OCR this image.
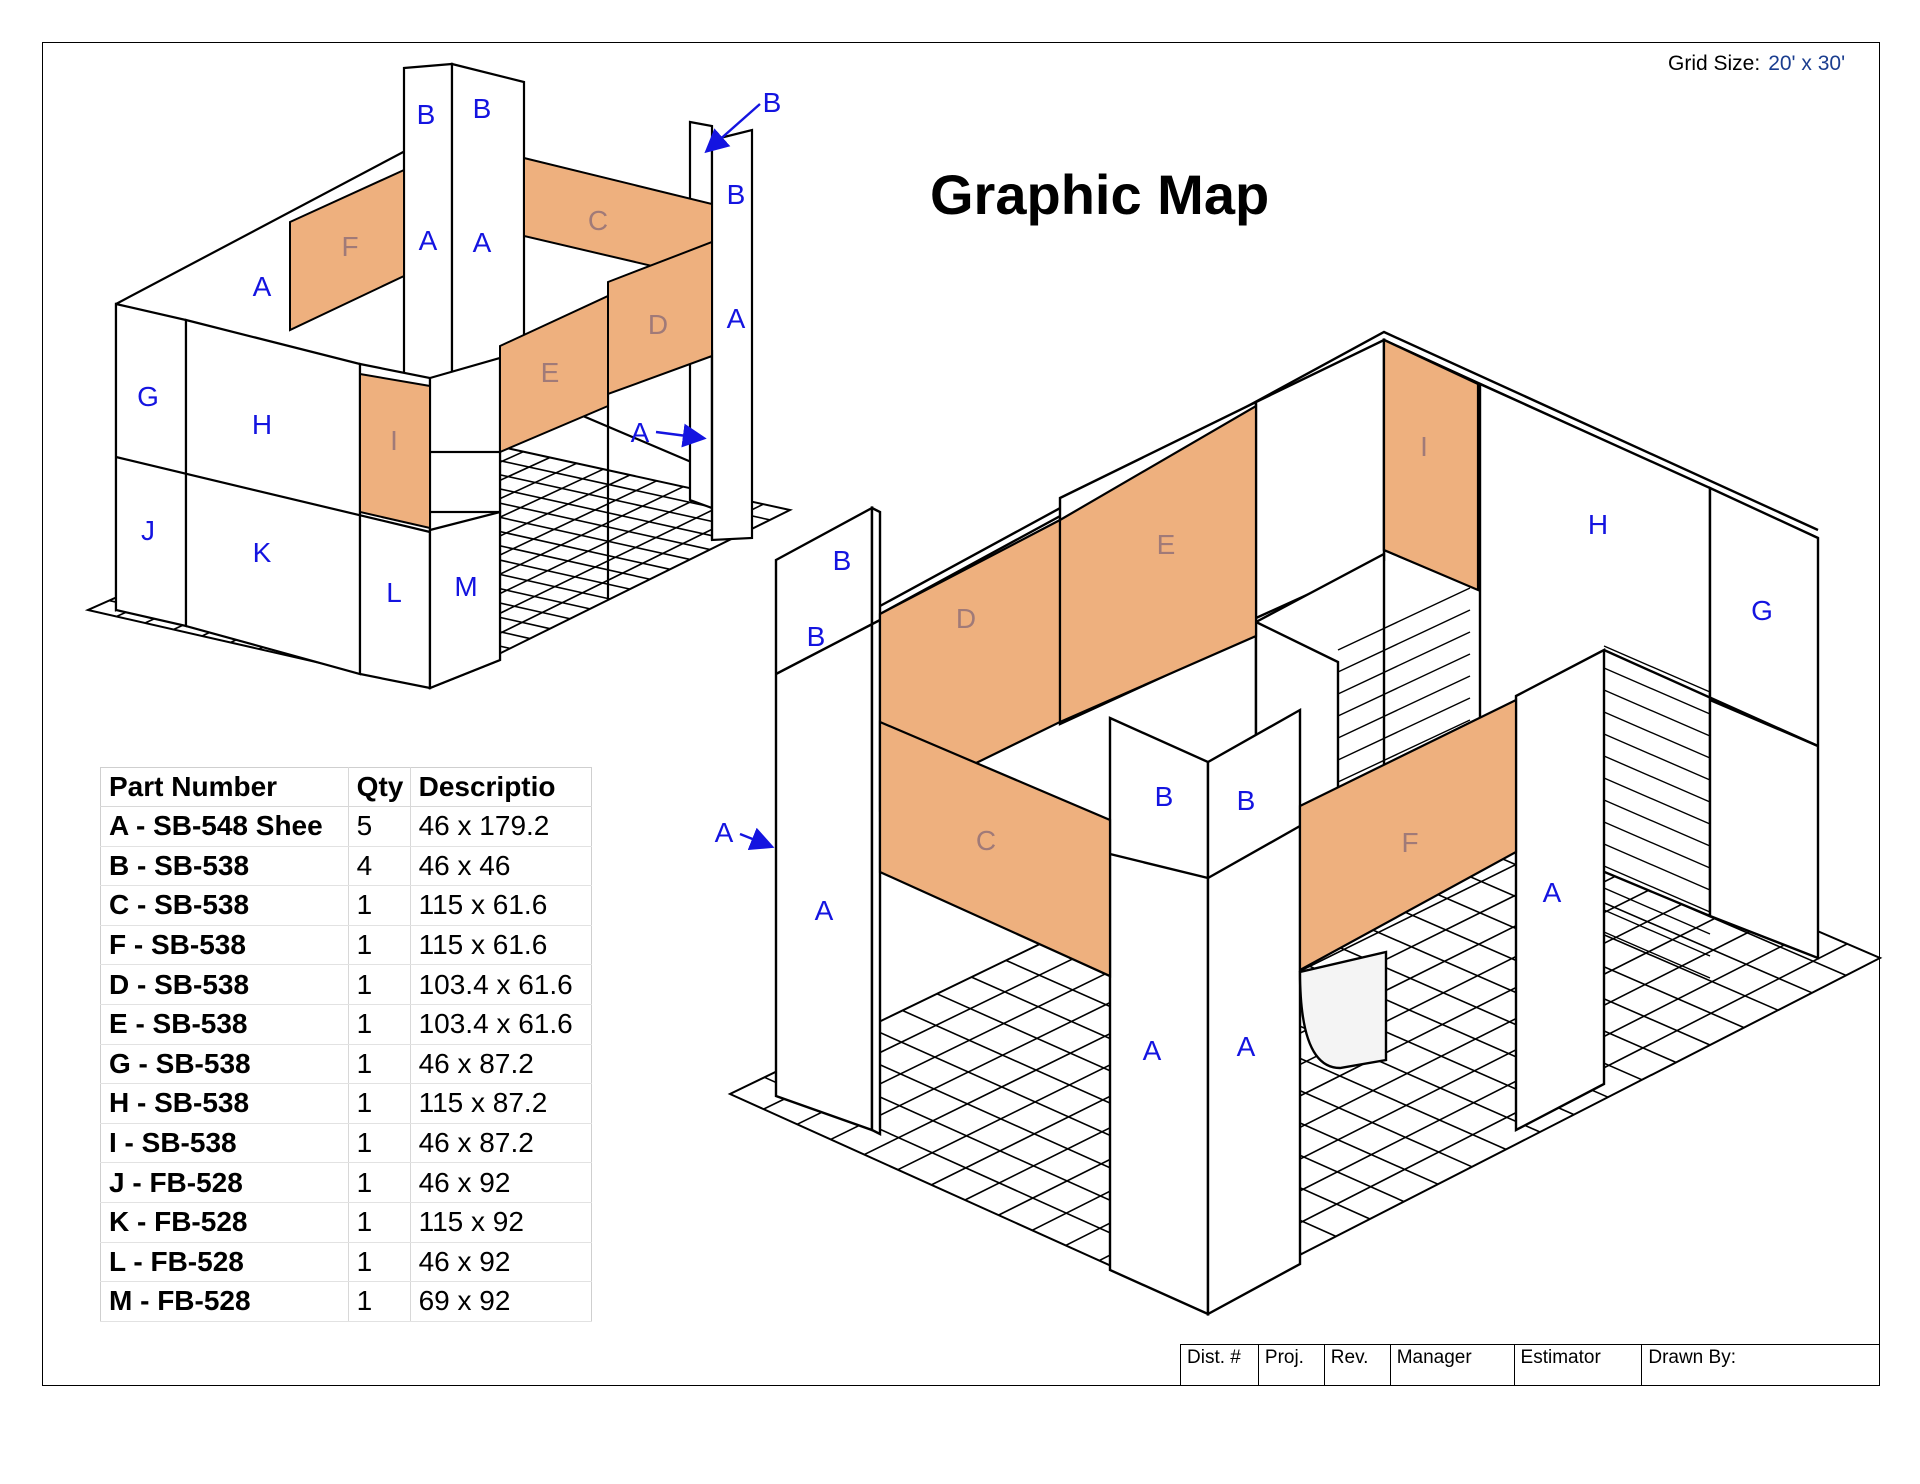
Grid Size: 20' x 30'
Graphic Map
B B	B
B
A A
A
A
A
C
D
E
F
G
H
I
J
K
L M
B
B
B B
A
A	A
A
A	C
D
E
F
G
H
I
Part Number	Qty	Descriptio
A - SB-548 Shee	5	46 x 179.2
B - SB-538	4	46 x 46
C - SB-538	1	115 x 61.6
F - SB-538	1	115 x 61.6
D - SB-538	1	103.4 x 61.6
E - SB-538	1	103.4 x 61.6
G - SB-538	1	46 x 87.2
H - SB-538	1	115 x 87.2
I - SB-538	1	46 x 87.2
J - FB-528	1	46 x 92
K - FB-528	1	115 x 92
L - FB-528	1	46 x 92
M - FB-528	1	69 x 92
Dist. #	Proj.	Rev.	Manager	Estimator	Drawn By:
